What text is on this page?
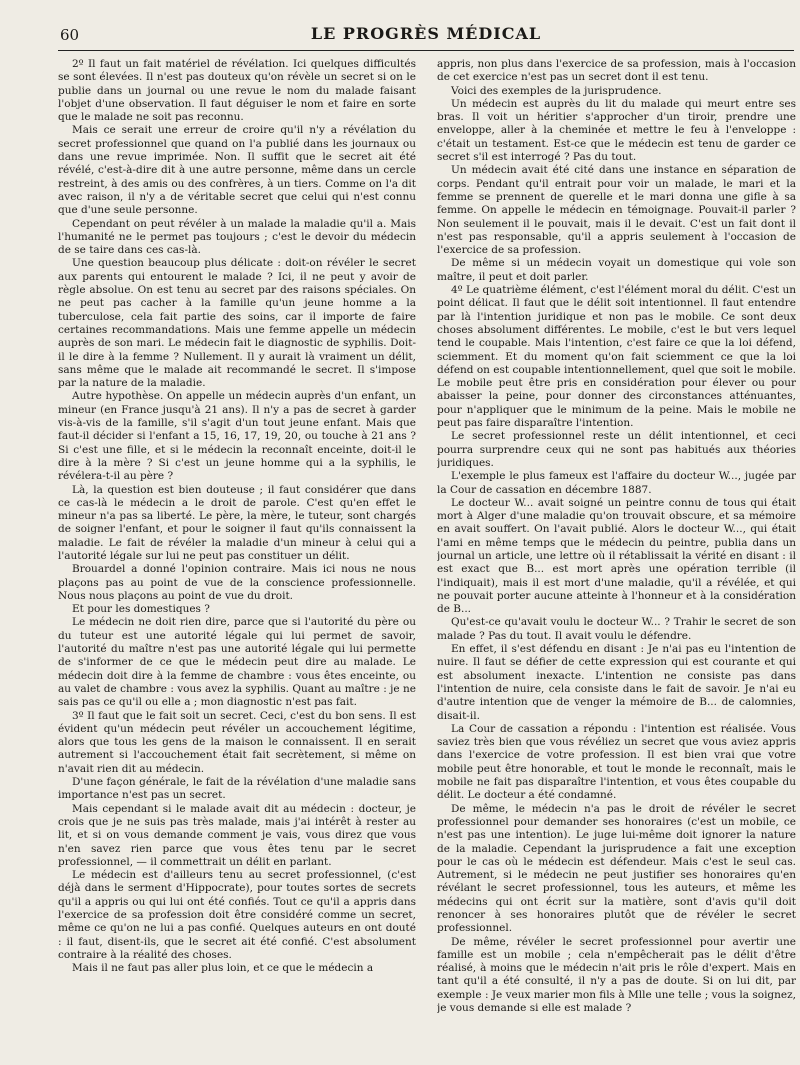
60	LE PROGRÈS MÉDICAL

2º Il faut un fait matériel de révélation. Ici quelques difficultés se sont élevées. Il n'est pas douteux qu'on révèle un secret si on le publie dans un journal ou une revue le nom du malade faisant l'objet d'une observation. Il faut déguiser le nom et faire en sorte que le malade ne soit pas reconnu.

Mais ce serait une erreur de croire qu'il n'y a révélation du secret professionnel que quand on l'a publié dans les journaux ou dans une revue imprimée. Non. Il suffit que le secret ait été révélé, c'est-à-dire dit à une autre personne, même dans un cercle restreint, à des amis ou des confrères, à un tiers. Comme on l'a dit avec raison, il n'y a de véritable secret que celui qui n'est connu que d'une seule personne.

Cependant on peut révéler à un malade la maladie qu'il a. Mais l'humanité ne le permet pas toujours ; c'est le devoir du médecin de se taire dans ces cas-là.

Une question beaucoup plus délicate : doit-on révéler le secret aux parents qui entourent le malade ? Ici, il ne peut y avoir de règle absolue. On est tenu au secret par des raisons spéciales. On ne peut pas cacher à la famille qu'un jeune homme a la tuberculose, cela fait partie des soins, car il importe de faire certaines recommandations. Mais une femme appelle un médecin auprès de son mari. Le médecin fait le diagnostic de syphilis. Doit-il le dire à la femme ? Nullement. Il y aurait là vraiment un délit, sans même que le malade ait recommandé le secret. Il s'impose par la nature de la maladie.

Autre hypothèse. On appelle un médecin auprès d'un enfant, un mineur (en France jusqu'à 21 ans). Il n'y a pas de secret à garder vis-à-vis de la famille, s'il s'agit d'un tout jeune enfant. Mais que faut-il décider si l'enfant a 15, 16, 17, 19, 20, ou touche à 21 ans ? Si c'est une fille, et si le médecin la reconnaît enceinte, doit-il le dire à la mère ? Si c'est un jeune homme qui a la syphilis, le révélera-t-il au père ?

Là, la question est bien douteuse ; il faut considérer que dans ce cas-là le médecin a le droit de parole. C'est qu'en effet le mineur n'a pas sa liberté. Le père, la mère, le tuteur, sont chargés de soigner l'enfant, et pour le soigner il faut qu'ils connaissent la maladie. Le fait de révéler la maladie d'un mineur à celui qui a l'autorité légale sur lui ne peut pas constituer un délit.

Brouardel a donné l'opinion contraire. Mais ici nous ne nous plaçons pas au point de vue de la conscience professionnelle. Nous nous plaçons au point de vue du droit.

Et pour les domestiques ?

Le médecin ne doit rien dire, parce que si l'autorité du père ou du tuteur est une autorité légale qui lui permet de savoir, l'autorité du maître n'est pas une autorité légale qui lui permette de s'informer de ce que le médecin peut dire au malade. Le médecin doit dire à la femme de chambre : vous êtes enceinte, ou au valet de chambre : vous avez la syphilis. Quant au maître : je ne sais pas ce qu'il ou elle a ; mon diagnostic n'est pas fait.

3º Il faut que le fait soit un secret. Ceci, c'est du bon sens. Il est évident qu'un médecin peut révéler un accouchement légitime, alors que tous les gens de la maison le connaissent. Il en serait autrement si l'accouchement était fait secrètement, si même on n'avait rien dit au médecin.

D'une façon générale, le fait de la révélation d'une maladie sans importance n'est pas un secret.

Mais cependant si le malade avait dit au médecin : docteur, je crois que je ne suis pas très malade, mais j'ai intérêt à rester au lit, et si on vous demande comment je vais, vous direz que vous n'en savez rien parce que vous êtes tenu par le secret professionnel, — il commettrait un délit en parlant.

Le médecin est d'ailleurs tenu au secret professionnel, (c'est déjà dans le serment d'Hippocrate), pour toutes sortes de secrets qu'il a appris ou qui lui ont été confiés. Tout ce qu'il a appris dans l'exercice de sa profession doit être considéré comme un secret, même ce qu'on ne lui a pas confié. Quelques auteurs en ont douté : il faut, disent-ils, que le secret ait été confié. C'est absolument contraire à la réalité des choses.

Mais il ne faut pas aller plus loin, et ce que le médecin a

appris, non plus dans l'exercice de sa profession, mais à l'occasion de cet exercice n'est pas un secret dont il est tenu.

Voici des exemples de la jurisprudence.

Un médecin est auprès du lit du malade qui meurt entre ses bras. Il voit un héritier s'approcher d'un tiroir, prendre une enveloppe, aller à la cheminée et mettre le feu à l'enveloppe : c'était un testament. Est-ce que le médecin est tenu de garder ce secret s'il est interrogé ? Pas du tout.

Un médecin avait été cité dans une instance en séparation de corps. Pendant qu'il entrait pour voir un malade, le mari et la femme se prennent de querelle et le mari donna une gifle à sa femme. On appelle le médecin en témoignage. Pouvait-il parler ? Non seulement il le pouvait, mais il le devait. C'est un fait dont il n'est pas responsable, qu'il a appris seulement à l'occasion de l'exercice de sa profession.

De même si un médecin voyait un domestique qui vole son maître, il peut et doit parler.

4º Le quatrième élément, c'est l'élément moral du délit. C'est un point délicat. Il faut que le délit soit intentionnel. Il faut entendre par là l'intention juridique et non pas le mobile. Ce sont deux choses absolument différentes. Le mobile, c'est le but vers lequel tend le coupable. Mais l'intention, c'est faire ce que la loi défend, sciemment. Et du moment qu'on fait sciemment ce que la loi défend on est coupable intentionnellement, quel que soit le mobile. Le mobile peut être pris en considération pour élever ou pour abaisser la peine, pour donner des circonstances atténuantes, pour n'appliquer que le minimum de la peine. Mais le mobile ne peut pas faire disparaître l'intention.

Le secret professionnel reste un délit intentionnel, et ceci pourra surprendre ceux qui ne sont pas habitués aux théories juridiques.

L'exemple le plus fameux est l'affaire du docteur W..., jugée par la Cour de cassation en décembre 1887.

Le docteur W... avait soigné un peintre connu de tous qui était mort à Alger d'une maladie qu'on trouvait obscure, et sa mémoire en avait souffert. On l'avait publié. Alors le docteur W..., qui était l'ami en même temps que le médecin du peintre, publia dans un journal un article, une lettre où il rétablissait la vérité en disant : il est exact que B... est mort après une opération terrible (il l'indiquait), mais il est mort d'une maladie, qu'il a révélée, et qui ne pouvait porter aucune atteinte à l'honneur et à la considération de B...

Qu'est-ce qu'avait voulu le docteur W... ? Trahir le secret de son malade ? Pas du tout. Il avait voulu le défendre.

En effet, il s'est défendu en disant : Je n'ai pas eu l'intention de nuire. Il faut se défier de cette expression qui est courante et qui est absolument inexacte. L'intention ne consiste pas dans l'intention de nuire, cela consiste dans le fait de savoir. Je n'ai eu d'autre intention que de venger la mémoire de B... de calomnies, disait-il.

La Cour de cassation a répondu : l'intention est réalisée. Vous saviez très bien que vous révéliez un secret que vous aviez appris dans l'exercice de votre profession. Il est bien vrai que votre mobile peut être honorable, et tout le monde le reconnaît, mais le mobile ne fait pas disparaître l'intention, et vous êtes coupable du délit. Le docteur a été condamné.

De même, le médecin n'a pas le droit de révéler le secret professionnel pour demander ses honoraires (c'est un mobile, ce n'est pas une intention). Le juge lui-même doit ignorer la nature de la maladie. Cependant la jurisprudence a fait une exception pour le cas où le médecin est défendeur. Mais c'est le seul cas. Autrement, si le médecin ne peut justifier ses honoraires qu'en révélant le secret professionnel, tous les auteurs, et même les médecins qui ont écrit sur la matière, sont d'avis qu'il doit renoncer à ses honoraires plutôt que de révéler le secret professionnel.

De même, révéler le secret professionnel pour avertir une famille est un mobile ; cela n'empêcherait pas le délit d'être réalisé, à moins que le médecin n'ait pris le rôle d'expert. Mais en tant qu'il a été consulté, il n'y a pas de doute. Si on lui dit, par exemple : Je veux marier mon fils à Mlle une telle ; vous la soignez, je vous demande si elle est malade ?
